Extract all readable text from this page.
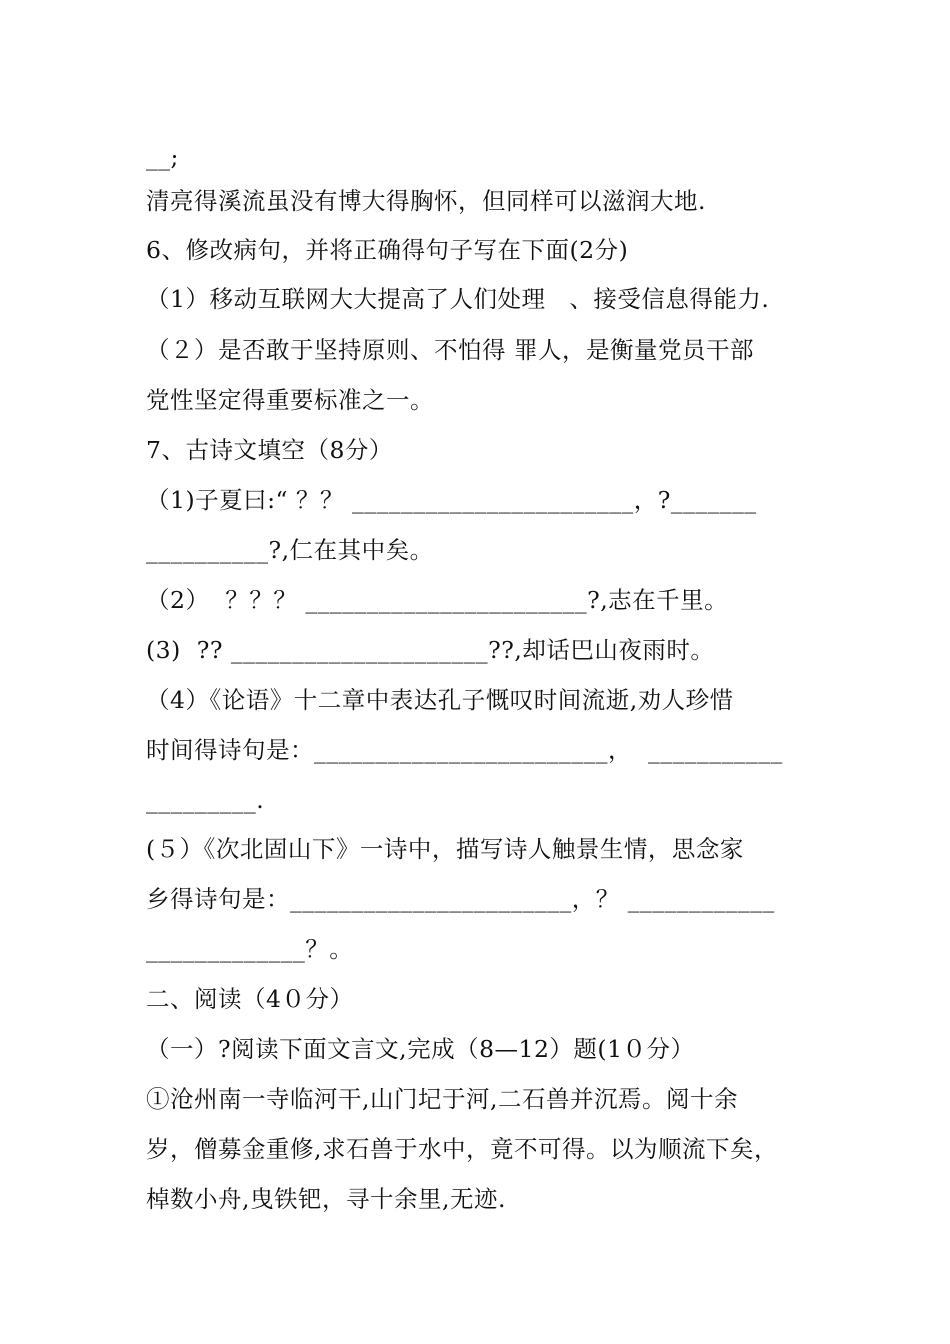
__;
清亮得溪流虽没有博大得胸怀，但同样可以滋润大地.
6、修改病句，并将正确得句子写在下面(2分)
（1）移动互联网大大提高了人们处理   、接受信息得能力.
（２）是否敢于坚持原则、不怕得 罪人，是衡量党员干部
党性坚定得重要标准之一。
7、古诗文填空（8分）
（1)子夏曰:“ ？？ _______________________，?_______
__________?,仁在其中矣。
（2）  ？？？ _______________________?,志在千里。
(3)  ?? _____________________??,却话巴山夜雨时。
（4）《论语》十二章中表达孔子慨叹时间流逝,劝人珍惜
时间得诗句是：________________________，  ___________
_________.
(５）《次北固山下》一诗中，描写诗人触景生情，思念家
乡得诗句是：_______________________，？ ____________
_____________？。
二、阅读（4０分）
（一）?阅读下面文言文,完成（8—12）题(1０分）
①沧州南一寺临河干,山门圮于河,二石兽并沉焉。阅十余
岁，僧募金重修,求石兽于水中，竟不可得。以为顺流下矣，
棹数小舟,曳铁钯，寻十余里,无迹.
